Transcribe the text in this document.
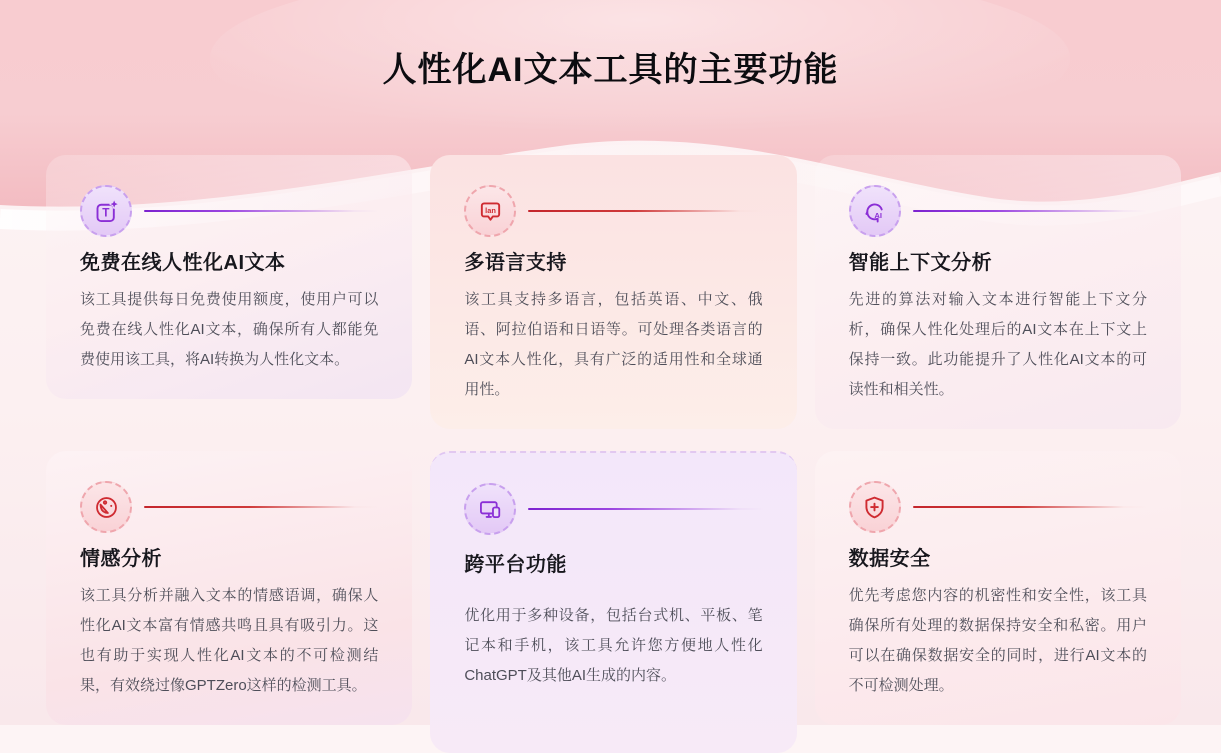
人性化AI文本工具的主要功能
T
免费在线人性化AI文本

该工具提供每日免费使用额度，使用户可以免费在线人性化AI文本，确保所有人都能免费使用该工具，将AI转换为人性化文本。

lan
多语言支持

该工具支持多语言，包括英语、中文、俄语、阿拉伯语和日语等。可处理各类语言的AI文本人性化，具有广泛的适用性和全球通用性。

AI
智能上下文分析

先进的算法对输入文本进行智能上下文分析，确保人性化处理后的AI文本在上下文上保持一致。此功能提升了人性化AI文本的可读性和相关性。

情感分析

该工具分析并融入文本的情感语调，确保人性化AI文本富有情感共鸣且具有吸引力。这也有助于实现人性化AI文本的不可检测结果，有效绕过像GPTZero这样的检测工具。

跨平台功能

优化用于多种设备，包括台式机、平板、笔记本和手机，该工具允许您方便地人性化ChatGPT及其他AI生成的内容。

数据安全

优先考虑您内容的机密性和安全性，该工具确保所有处理的数据保持安全和私密。用户可以在确保数据安全的同时，进行AI文本的不可检测处理。
